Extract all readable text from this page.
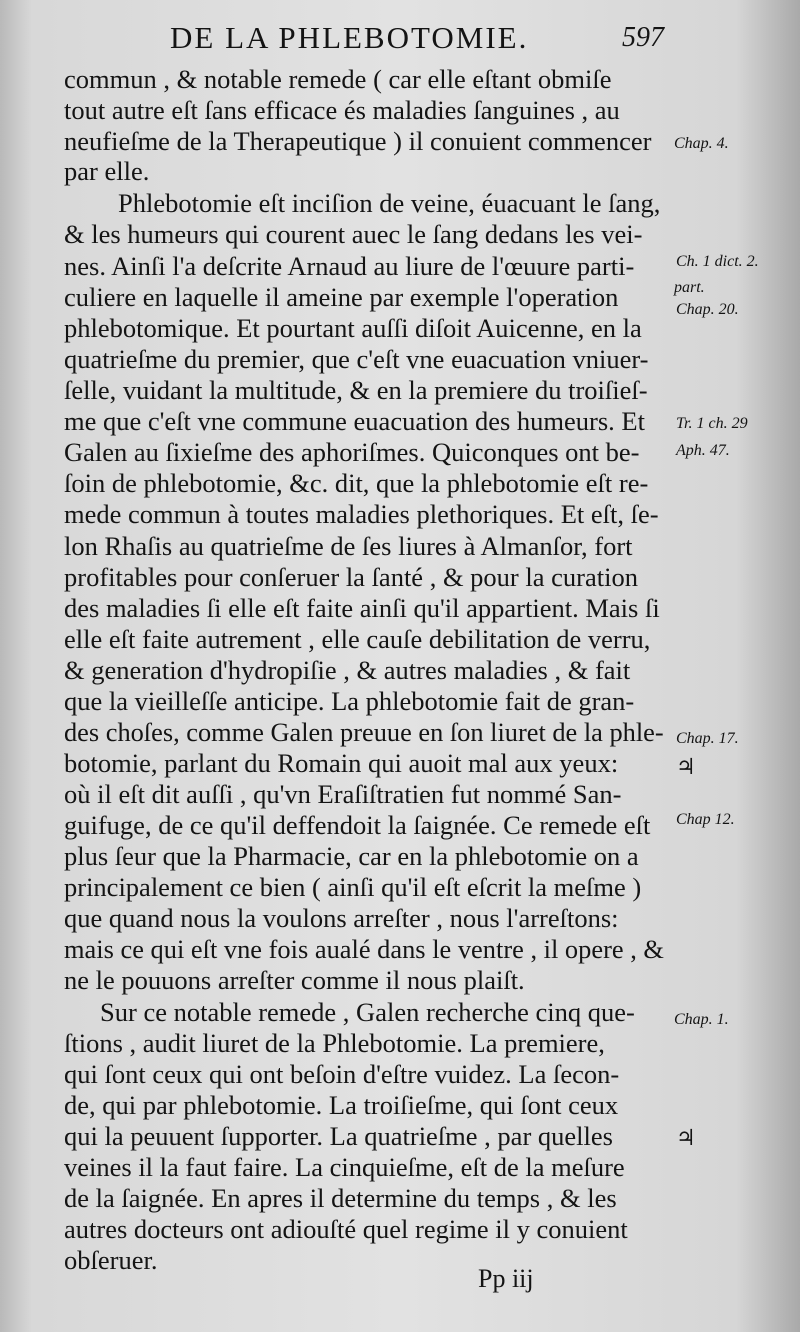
DE LA PHLEBOTOMIE.	597
commun , & notable remede ( car elle eſtant obmiſe
tout autre eſt ſans efficace és maladies ſanguines , au
neufieſme de la Therapeutique ) il conuient commencer
par elle.
Phlebotomie eſt inciſion de veine, éuacuant le ſang,
& les humeurs qui courent auec le ſang dedans les vei-
nes. Ainſi l'a deſcrite Arnaud au liure de l'œuure parti-
culiere en laquelle il ameine par exemple l'operation
phlebotomique. Et pourtant auſſi diſoit Auicenne, en la
quatrieſme du premier, que c'eſt vne euacuation vniuer-
ſelle, vuidant la multitude, & en la premiere du troiſieſ-
me que c'eſt vne commune euacuation des humeurs. Et
Galen au ſixieſme des aphoriſmes. Quiconques ont be-
ſoin de phlebotomie, &c. dit, que la phlebotomie eſt re-
mede commun à toutes maladies plethoriques. Et eſt, ſe-
lon Rhaſis au quatrieſme de ſes liures à Almanſor, fort
profitables pour conſeruer la ſanté , & pour la curation
des maladies ſi elle eſt faite ainſi qu'il appartient. Mais ſi
elle eſt faite autrement , elle cauſe debilitation de verru,
& generation d'hydropiſie , & autres maladies , & fait
que la vieilleſſe anticipe. La phlebotomie fait de gran-
des choſes, comme Galen preuue en ſon liuret de la phle-
botomie, parlant du Romain qui auoit mal aux yeux:
où il eſt dit auſſi , qu'vn Eraſiſtratien fut nommé San-
guifuge, de ce qu'il deffendoit la ſaignée. Ce remede eſt
plus ſeur que la Pharmacie, car en la phlebotomie on a
principalement ce bien ( ainſi qu'il eſt eſcrit la meſme )
que quand nous la voulons arreſter , nous l'arreſtons:
mais ce qui eſt vne fois aualé dans le ventre , il opere , &
ne le pouuons arreſter comme il nous plaiſt.
Sur ce notable remede , Galen recherche cinq que-
ſtions , audit liuret de la Phlebotomie. La premiere,
qui ſont ceux qui ont beſoin d'eſtre vuidez. La ſecon-
de, qui par phlebotomie. La troiſieſme, qui ſont ceux
qui la peuuent ſupporter. La quatrieſme , par quelles
veines il la faut faire. La cinquieſme, eſt de la meſure
de la ſaignée. En apres il determine du temps , & les
autres docteurs ont adiouſté quel regime il y conuient
obſeruer.
Chap. 4.
Ch. 1 dict. 2.
part.
Chap. 20.
Tr. 1 ch. 29
Aph. 47.
Chap. 17.
♃
Chap 12.
Chap. 1.
♃
Pp iij
